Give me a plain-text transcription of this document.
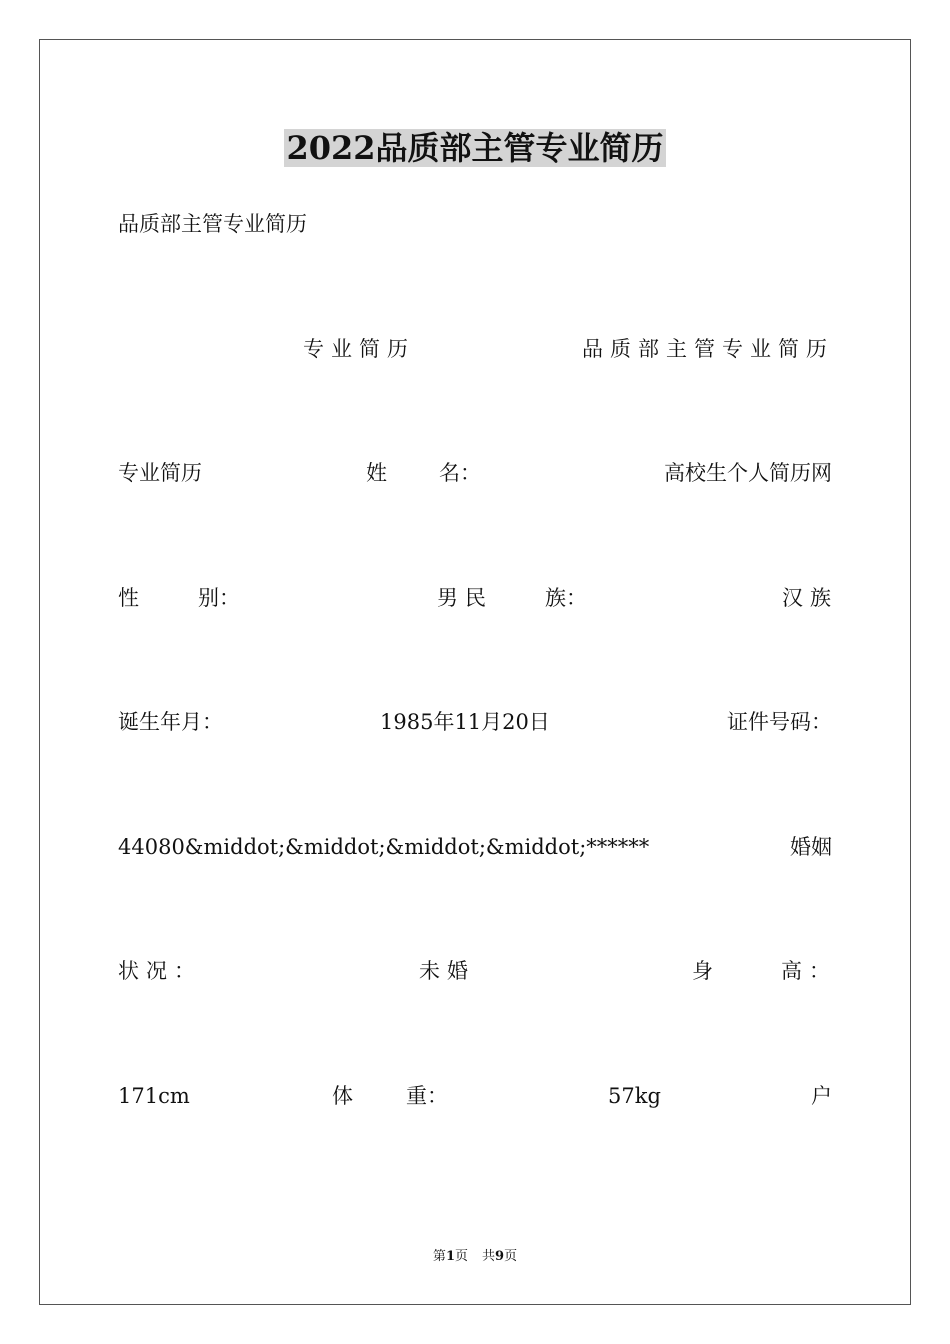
2022品质部主管专业简历
品质部主管专业简历
专业简历	品质部主管专业简历
专业简历	姓 名：	高校生个人简历网
性	别：	男民 族：	汉族
诞生年月：	1985年11月20日	证件号码：
44080&middot;&middot;&middot;&middot;******	婚姻
状况：	未婚	身	高：
171cm	体	重：	57kg	户
第1页 共9页
